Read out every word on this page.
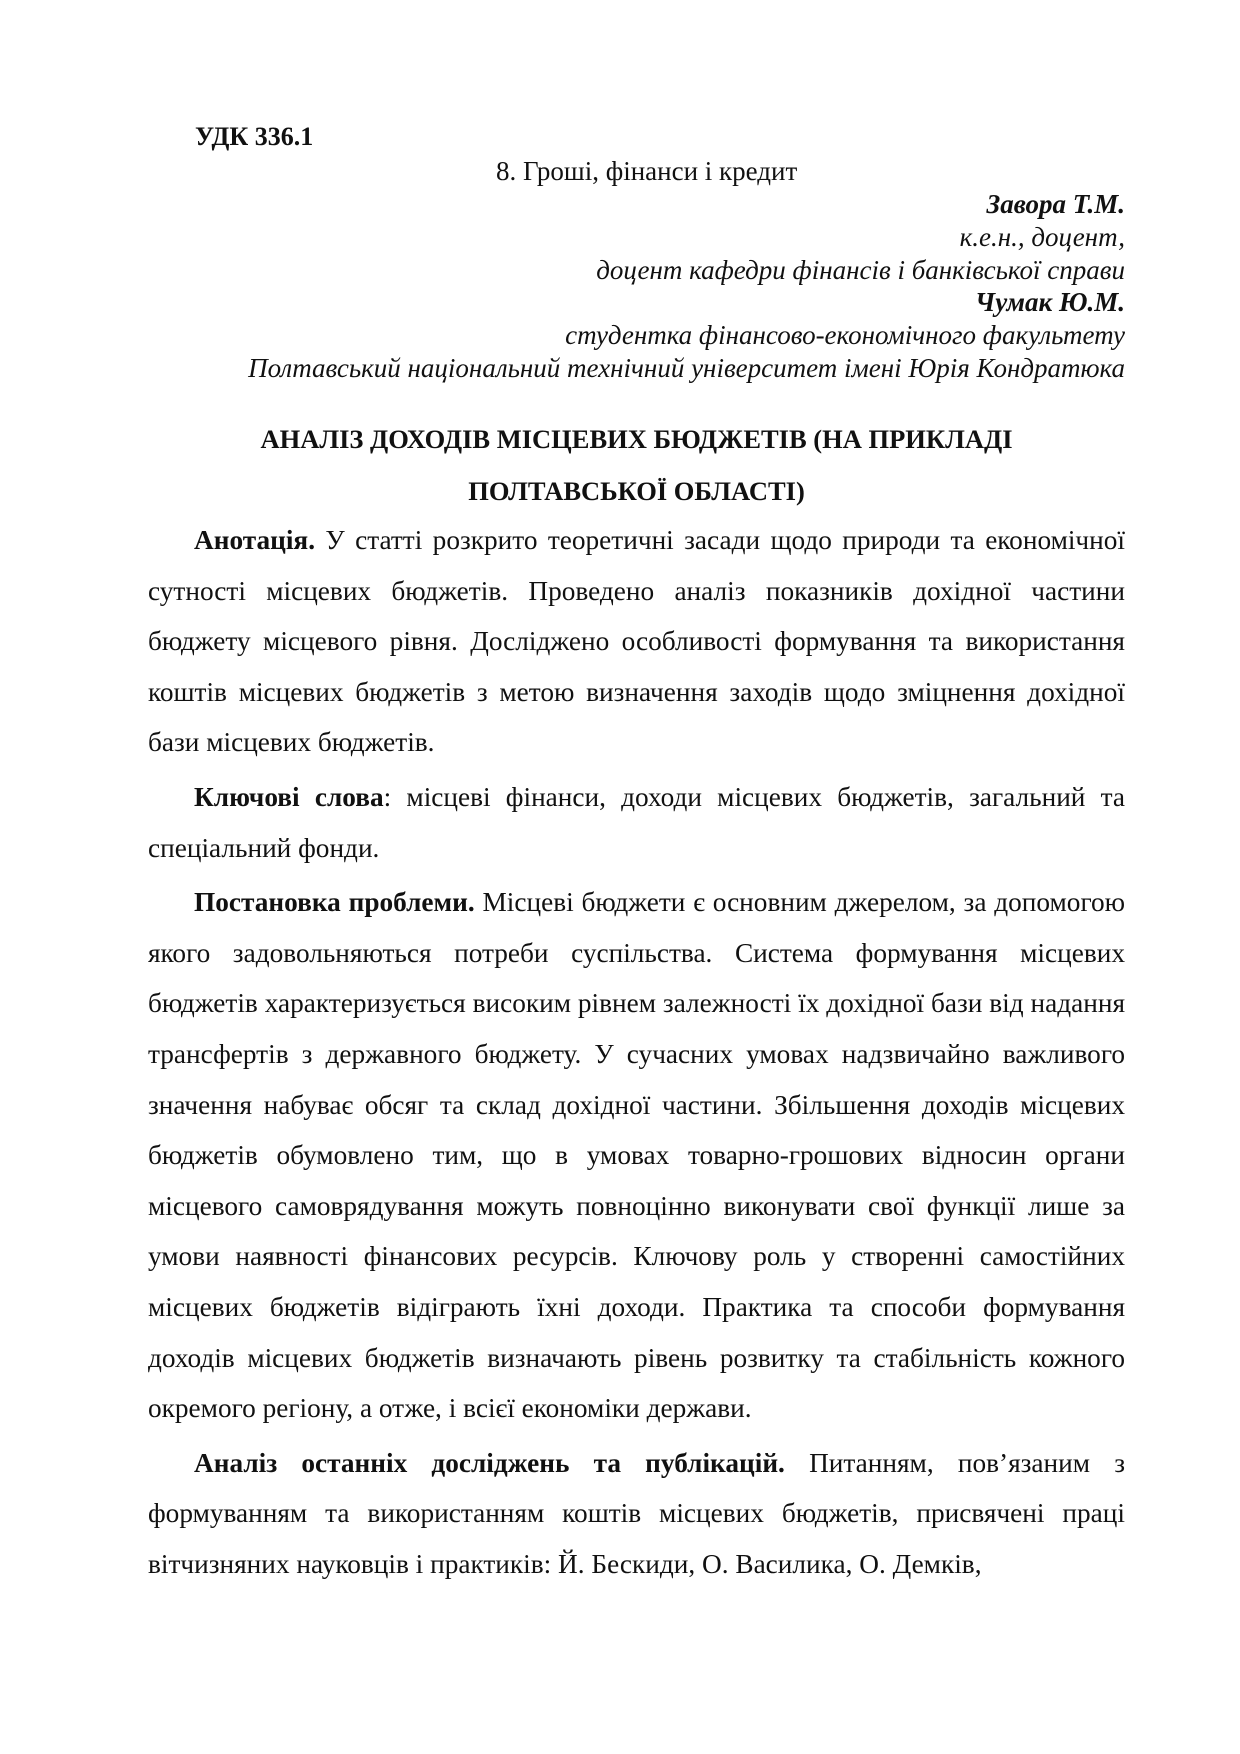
УДК 336.1
8. Гроші, фінанси і кредит
Завора Т.М.
к.е.н., доцент,
доцент кафедри фінансів і банківської справи
Чумак Ю.М.
студентка фінансово-економічного факультету
Полтавський національний технічний університет імені Юрія Кондратюка
АНАЛІЗ ДОХОДІВ МІСЦЕВИХ БЮДЖЕТІВ (НА ПРИКЛАДІ
ПОЛТАВСЬКОЇ ОБЛАСТІ)

Анотація. У статті розкрито теоретичні засади щодо природи та економічної сутності місцевих бюджетів. Проведено аналіз показників дохідної частини бюджету місцевого рівня. Досліджено особливості формування та використання коштів місцевих бюджетів з метою визначення заходів щодо зміцнення дохідної бази місцевих бюджетів.

Ключові слова: місцеві фінанси, доходи місцевих бюджетів, загальний та спеціальний фонди.

Постановка проблеми. Місцеві бюджети є основним джерелом, за допомогою якого задовольняються потреби суспільства. Система формування місцевих бюджетів характеризується високим рівнем залежності їх дохідної бази від надання трансфертів з державного бюджету. У сучасних умовах надзвичайно важливого значення набуває обсяг та склад дохідної частини. Збільшення доходів місцевих бюджетів обумовлено тим, що в умовах товарно-грошових відносин органи місцевого самоврядування можуть повноцінно виконувати свої функції лише за умови наявності фінансових ресурсів. Ключову роль у створенні самостійних місцевих бюджетів відіграють їхні доходи. Практика та способи формування доходів місцевих бюджетів визначають рівень розвитку та стабільність кожного окремого регіону, а отже, і всієї економіки держави.

Аналіз останніх досліджень та публікацій. Питанням, пов’язаним з формуванням та використанням коштів місцевих бюджетів, присвячені праці вітчизняних науковців і практиків: Й. Бескиди, О. Василика, О. Демків,
